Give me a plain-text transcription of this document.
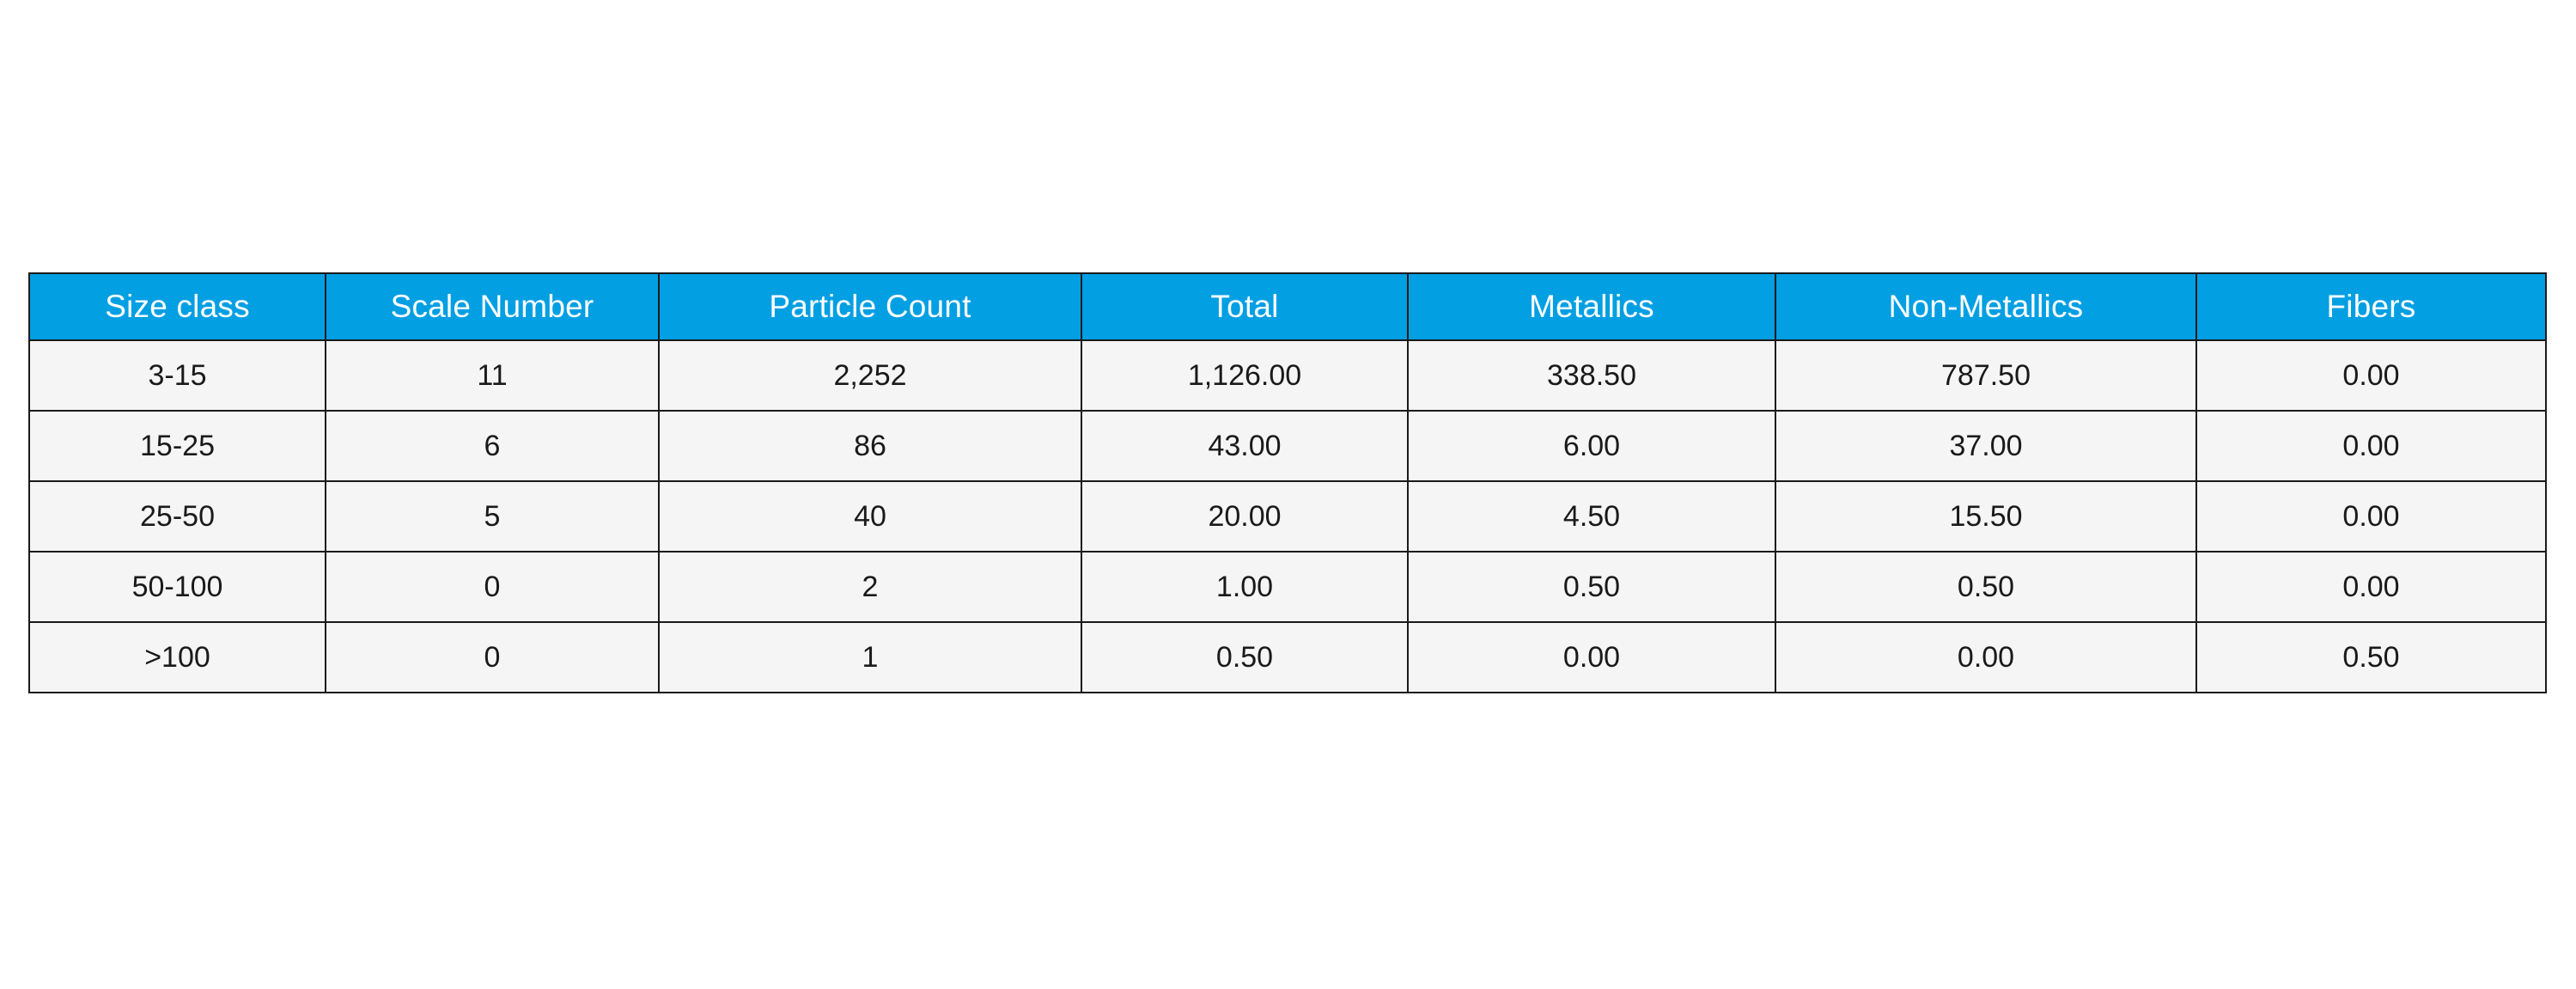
Size class	Scale Number	Particle Count	Total	Metallics	Non-Metallics	Fibers
3-15	11	2,252	1,126.00	338.50	787.50	0.00
15-25	6	86	43.00	6.00	37.00	0.00
25-50	5	40	20.00	4.50	15.50	0.00
50-100	0	2	1.00	0.50	0.50	0.00
>100	0	1	0.50	0.00	0.00	0.50
